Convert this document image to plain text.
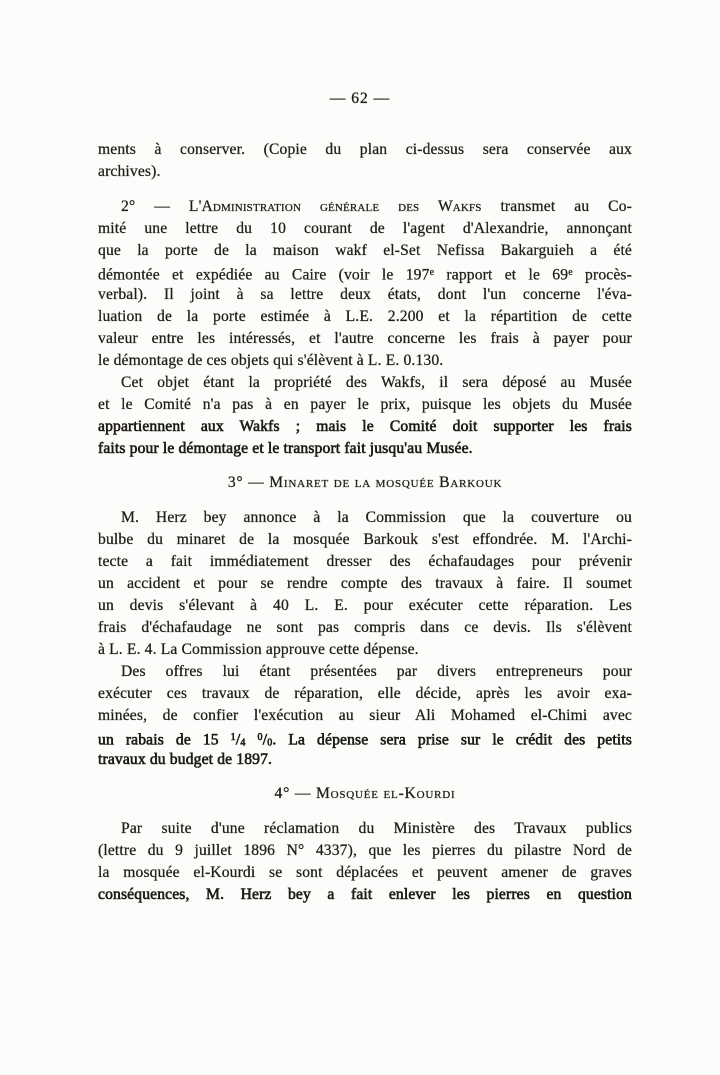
— 62 —
ments à conserver. (Copie du plan ci-dessus sera conservée aux
archives).
2° — L'Administration générale des Wakfs transmet au Co-
mité une lettre du 10 courant de l'agent d'Alexandrie, annonçant
que la porte de la maison wakf el-Set Nefissa Bakarguieh a été
démontée et expédiée au Caire (voir le 197e rapport et le 69e procès-
verbal). Il joint à sa lettre deux états, dont l'un concerne l'éva-
luation de la porte estimée à L.E. 2.200 et la répartition de cette
valeur entre les intéressés, et l'autre concerne les frais à payer pour
le démontage de ces objets qui s'élèvent à L. E. 0.130.
Cet objet étant la propriété des Wakfs, il sera déposé au Musée
et le Comité n'a pas à en payer le prix, puisque les objets du Musée
appartiennent aux Wakfs ; mais le Comité doit supporter les frais
faits pour le démontage et le transport fait jusqu'au Musée.
3° — Minaret de la mosquée Barkouk
M. Herz bey annonce à la Commission que la couverture ou
bulbe du minaret de la mosquée Barkouk s'est effondrée. M. l'Archi-
tecte a fait immédiatement dresser des échafaudages pour prévenir
un accident et pour se rendre compte des travaux à faire. Il soumet
un devis s'élevant à 40 L. E. pour exécuter cette réparation. Les
frais d'échafaudage ne sont pas compris dans ce devis. Ils s'élèvent
à L. E. 4. La Commission approuve cette dépense.
Des offres lui étant présentées par divers entrepreneurs pour
exécuter ces travaux de réparation, elle décide, après les avoir exa-
minées, de confier l'exécution au sieur Ali Mohamed el-Chimi avec
un rabais de 15 $^1$/4 $^0$/0. La dépense sera prise sur le crédit des petits
travaux du budget de 1897.
4° — Mosquée el-Kourdi
Par suite d'une réclamation du Ministère des Travaux publics
(lettre du 9 juillet 1896 N° 4337), que les pierres du pilastre Nord de
la mosquée el-Kourdi se sont déplacées et peuvent amener de graves
conséquences, M. Herz bey a fait enlever les pierres en question
